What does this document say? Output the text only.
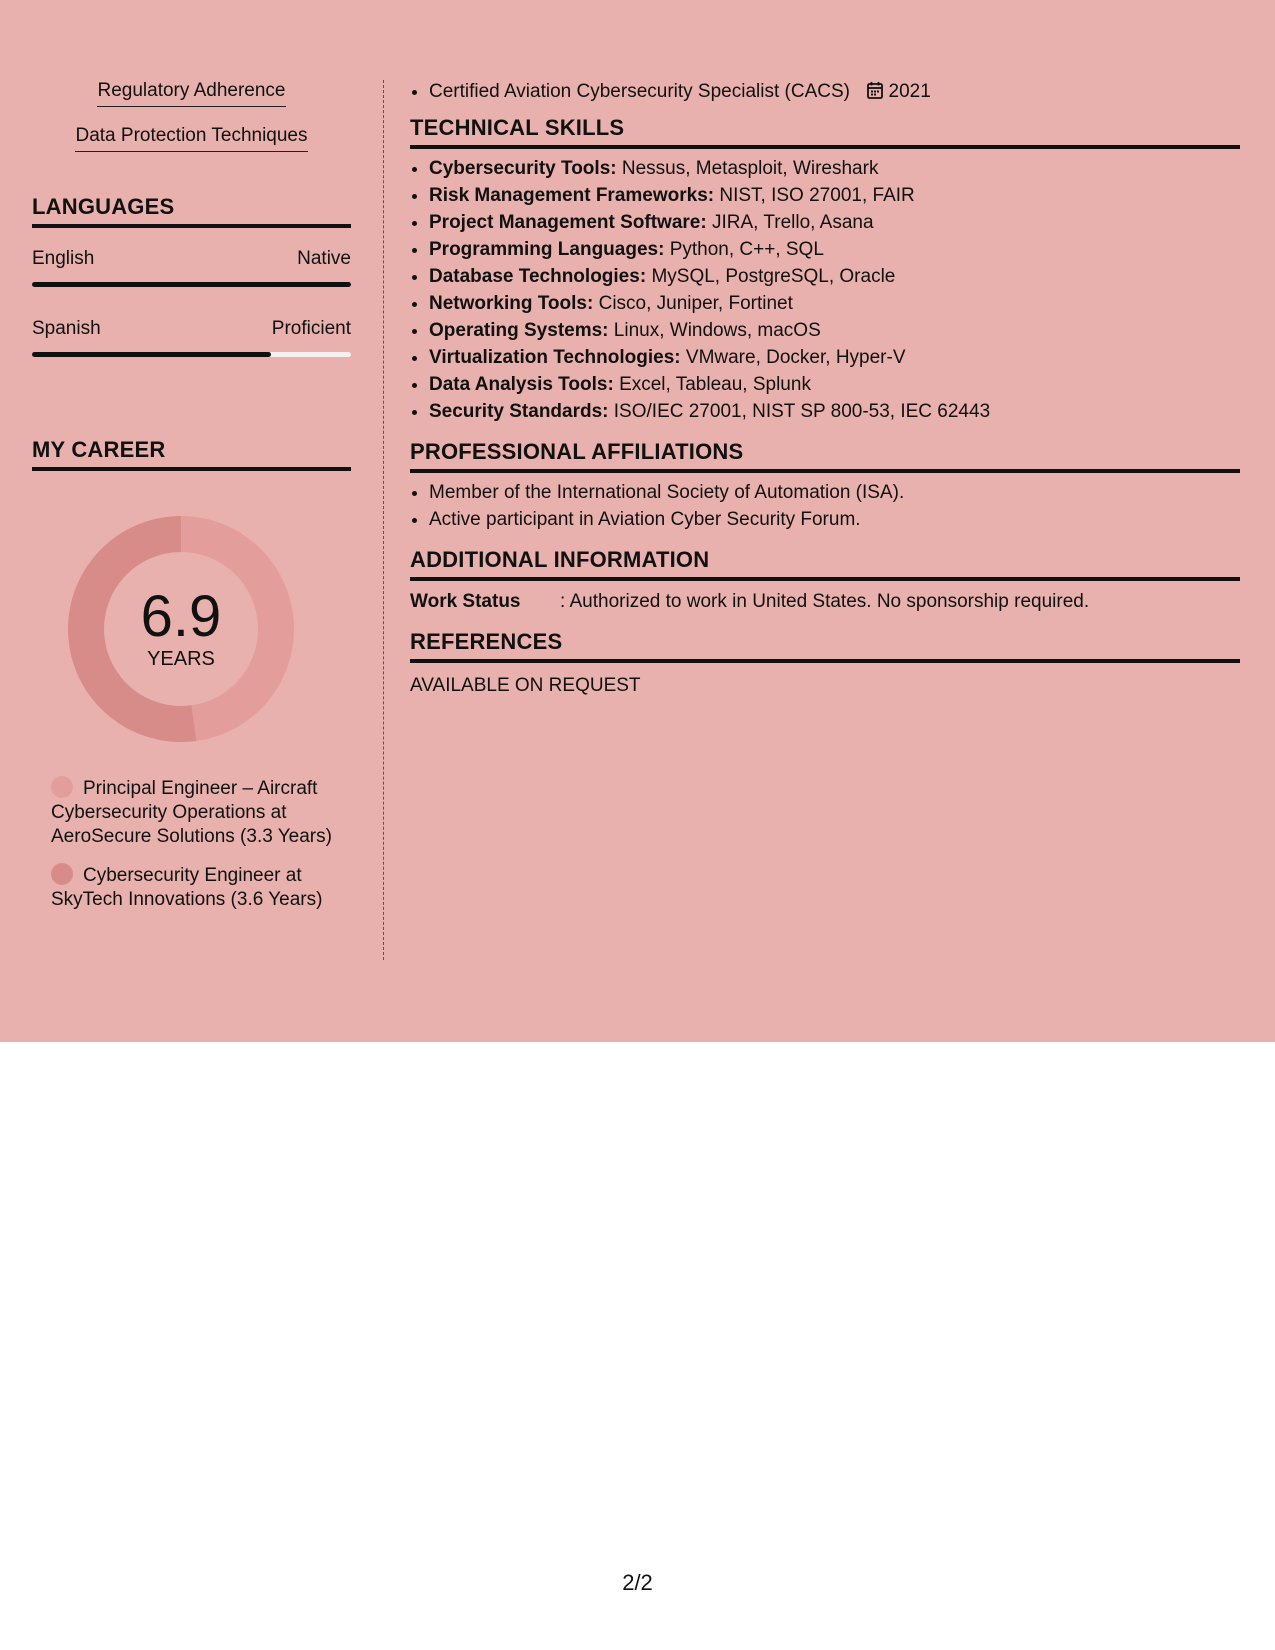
Regulatory Adherence
Data Protection Techniques
LANGUAGES
English	Native
Spanish	Proficient
MY CAREER
6.9
YEARS
Principal Engineer – Aircraft Cybersecurity Operations at AeroSecure Solutions (3.3 Years)
Cybersecurity Engineer at SkyTech Innovations (3.6 Years)
• Certified Aviation Cybersecurity Specialist (CACS) 2021
TECHNICAL SKILLS
• Cybersecurity Tools: Nessus, Metasploit, Wireshark
• Risk Management Frameworks: NIST, ISO 27001, FAIR
• Project Management Software: JIRA, Trello, Asana
• Programming Languages: Python, C++, SQL
• Database Technologies: MySQL, PostgreSQL, Oracle
• Networking Tools: Cisco, Juniper, Fortinet
• Operating Systems: Linux, Windows, macOS
• Virtualization Technologies: VMware, Docker, Hyper-V
• Data Analysis Tools: Excel, Tableau, Splunk
• Security Standards: ISO/IEC 27001, NIST SP 800-53, IEC 62443
PROFESSIONAL AFFILIATIONS
• Member of the International Society of Automation (ISA).
• Active participant in Aviation Cyber Security Forum.
ADDITIONAL INFORMATION
Work Status	: Authorized to work in United States. No sponsorship required.
REFERENCES
AVAILABLE ON REQUEST
2/2
